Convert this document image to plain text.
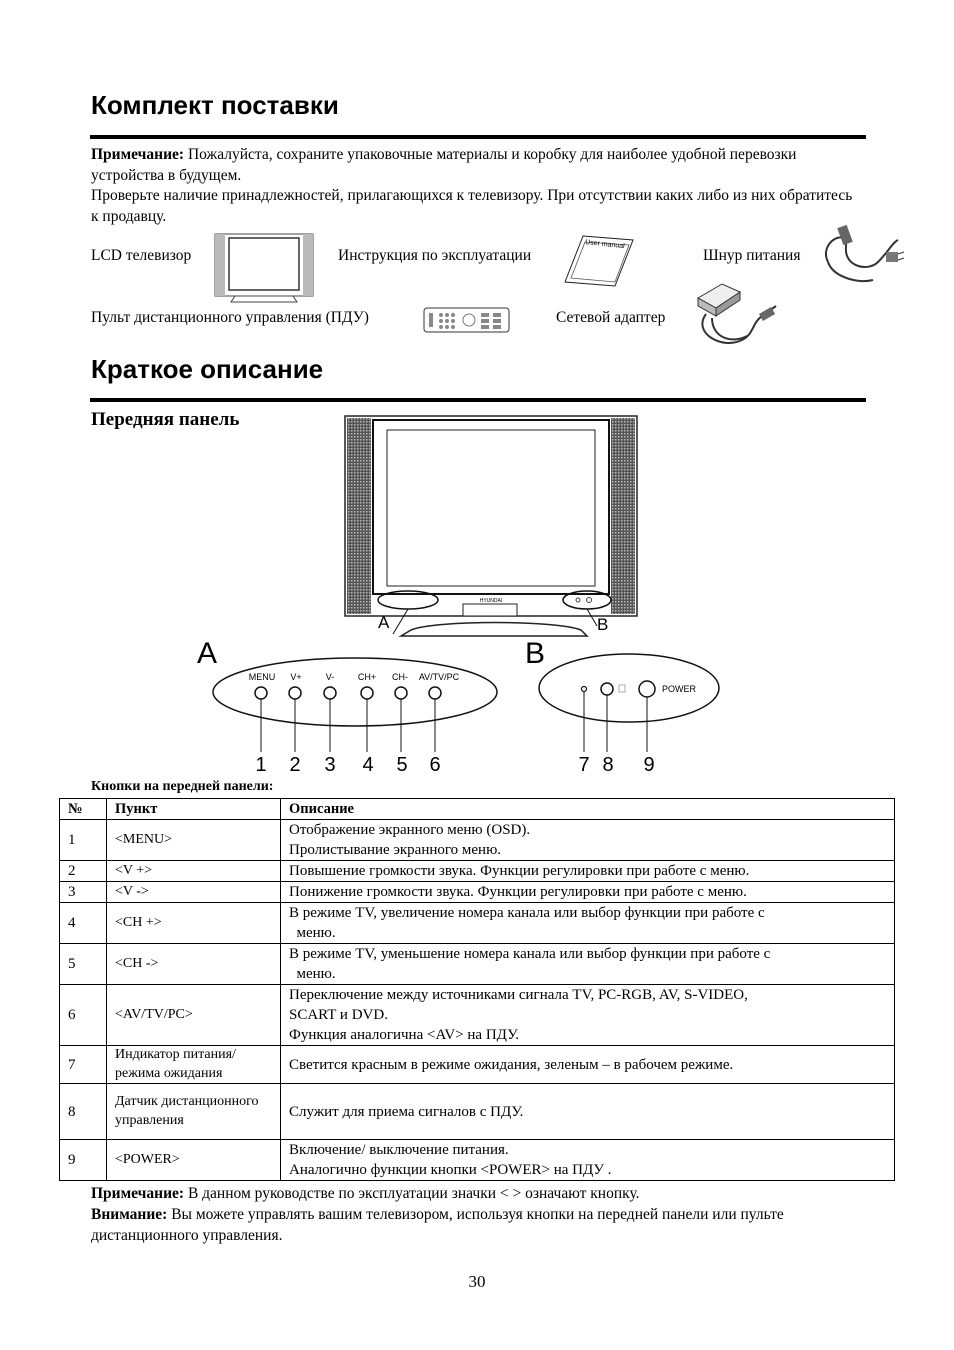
Комплект поставки
Примечание: Пожалуйста, сохраните упаковочные материалы и коробку для наиболее удобной перевозки устройства в будущем.
Проверьте наличие принадлежностей, прилагающихся к телевизору. При отсутствии каких либо из них обратитесь к продавцу.
LCD телевизор	Инструкция по эксплуатации
User manual
Шнур питания
Пульт дистанционного управления (ПДУ)	Сетевой адаптер
Краткое описание
Передняя панель
HYUNDAI
A	B
A	B
MENU V+	V-	CH+ CH- AV/TV/PC
1 2 3 4 5 6
POWER
7 8 9
Кнопки на передней панели:
№	Пункт	Описание
1	<MENU>	Отображение экранного меню (OSD).
Пролистывание экранного меню.

2	<V +>	Повышение громкости звука. Функции регулировки при работе с меню.

3	<V ->	Понижение громкости звука. Функции регулировки при работе с меню.

4	<CH +>	В режиме TV, увеличение номера канала или выбор функции при работе с
меню.

5	<CH ->	В режиме TV, уменьшение номера канала или выбор функции при работе с
меню.

6	<AV/TV/PC>	Переключение между источниками сигнала TV, PC-RGB, AV, S-VIDEO,
SCART и DVD.
Функция аналогична <AV> на ПДУ.

7	Индикатор питания/ режима ожидания	Светится красным в режиме ожидания, зеленым – в рабочем режиме.

8	Датчик дистанционного управления	Служит для приема сигналов с ПДУ.

9	<POWER>	Включение/ выключение питания.
Аналогично функции кнопки <POWER> на ПДУ .
Примечание: В данном руководстве по эксплуатации значки < > означают кнопку.
Внимание: Вы можете управлять вашим телевизором, используя кнопки на передней панели или пульте дистанционного управления.
30
